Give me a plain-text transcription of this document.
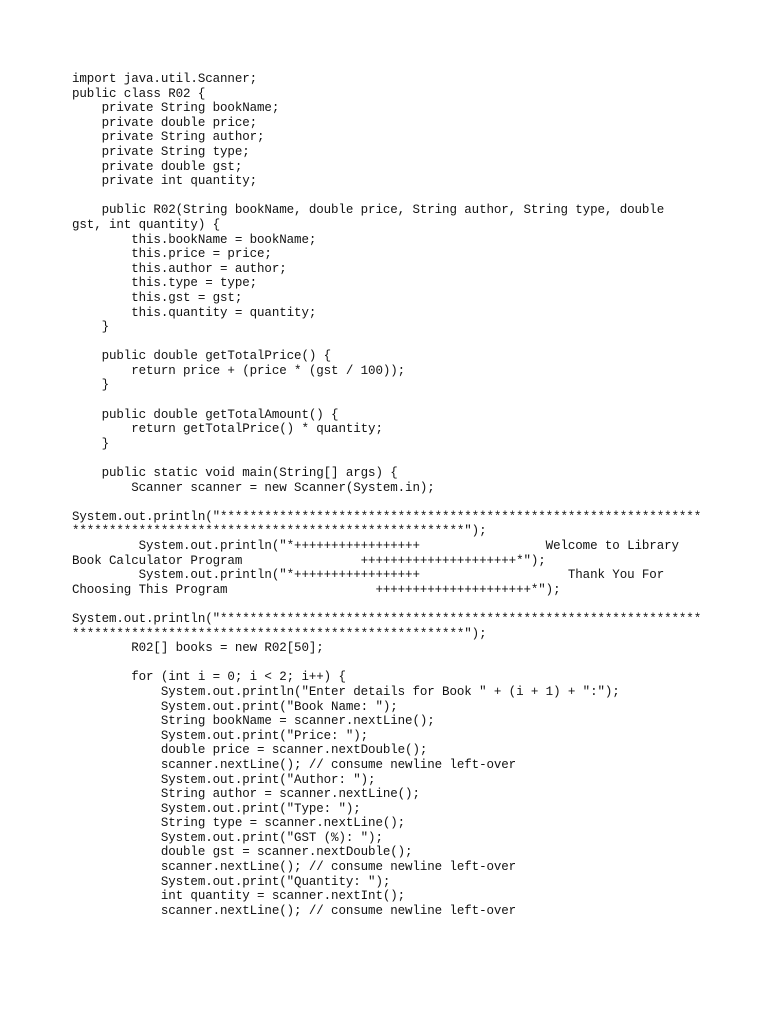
import java.util.Scanner;
public class R02 {
private String bookName;
private double price;
private String author;
private String type;
private double gst;
private int quantity;
public R02(String bookName, double price, String author, String type, double
gst, int quantity) {
this.bookName = bookName;
this.price = price;
this.author = author;
this.type = type;
this.gst = gst;
this.quantity = quantity;
}
public double getTotalPrice() {
return price + (price * (gst / 100));
}
public double getTotalAmount() {
return getTotalPrice() * quantity;
}
public static void main(String[] args) {
Scanner scanner = new Scanner(System.in);
System.out.println("*****************************************************************
*****************************************************");
System.out.println("*+++++++++++++++++                 Welcome to Library
Book Calculator Program                +++++++++++++++++++++*");
System.out.println("*+++++++++++++++++                    Thank You For
Choosing This Program                    +++++++++++++++++++++*");
System.out.println("*****************************************************************
*****************************************************");
R02[] books = new R02[50];
for (int i = 0; i < 2; i++) {
System.out.println("Enter details for Book " + (i + 1) + ":");
System.out.print("Book Name: ");
String bookName = scanner.nextLine();
System.out.print("Price: ");
double price = scanner.nextDouble();
scanner.nextLine(); // consume newline left-over
System.out.print("Author: ");
String author = scanner.nextLine();
System.out.print("Type: ");
String type = scanner.nextLine();
System.out.print("GST (%): ");
double gst = scanner.nextDouble();
scanner.nextLine(); // consume newline left-over
System.out.print("Quantity: ");
int quantity = scanner.nextInt();
scanner.nextLine(); // consume newline left-over
